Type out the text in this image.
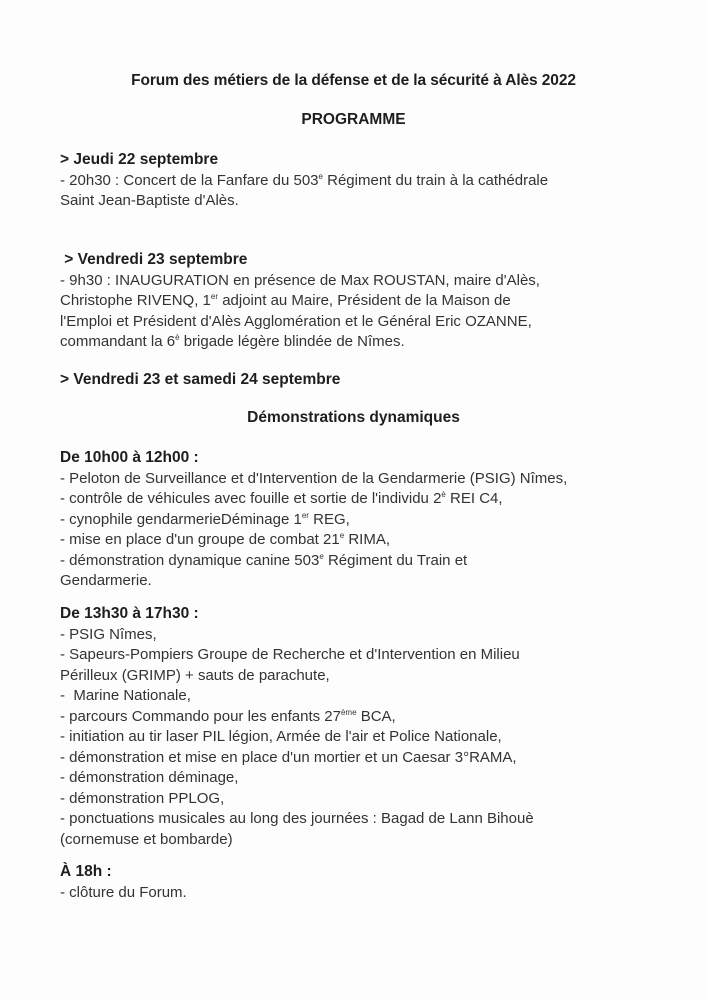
Forum des métiers de la défense et de la sécurité à Alès 2022
PROGRAMME
> Jeudi 22 septembre
- 20h30 : Concert de la Fanfare du 503e Régiment du train à la cathédrale
Saint Jean-Baptiste d'Alès.
> Vendredi 23 septembre
- 9h30 : INAUGURATION en présence de Max ROUSTAN, maire d'Alès,
Christophe RIVENQ, 1er adjoint au Maire, Président de la Maison de
l'Emploi et Président d'Alès Agglomération et le Général Eric OZANNE,
commandant la $6^è$ brigade légère blindée de Nîmes.
> Vendredi 23 et samedi 24 septembre
Démonstrations dynamiques
De 10h00 à 12h00 :
- Peloton de Surveillance et d'Intervention de la Gendarmerie (PSIG) Nîmes,
- contrôle de véhicules avec fouille et sortie de l'individu $2^è$ REI C4,
- cynophile gendarmerieDéminage 1er REG,
- mise en place d'un groupe de combat 21e RIMA,
- démonstration dynamique canine 503e Régiment du Train et
Gendarmerie.
De 13h30 à 17h30 :
- PSIG Nîmes,
- Sapeurs-Pompiers Groupe de Recherche et d'Intervention en Milieu
Périlleux (GRIMP) + sauts de parachute,
-  Marine Nationale,
- parcours Commando pour les enfants 27ème BCA,
- initiation au tir laser PIL légion, Armée de l'air et Police Nationale,
- démonstration et mise en place d'un mortier et un Caesar 3°RAMA,
- démonstration déminage,
- démonstration PPLOG,
- ponctuations musicales au long des journées : Bagad de Lann Bihouè
(cornemuse et bombarde)
À 18h :
- clôture du Forum.
